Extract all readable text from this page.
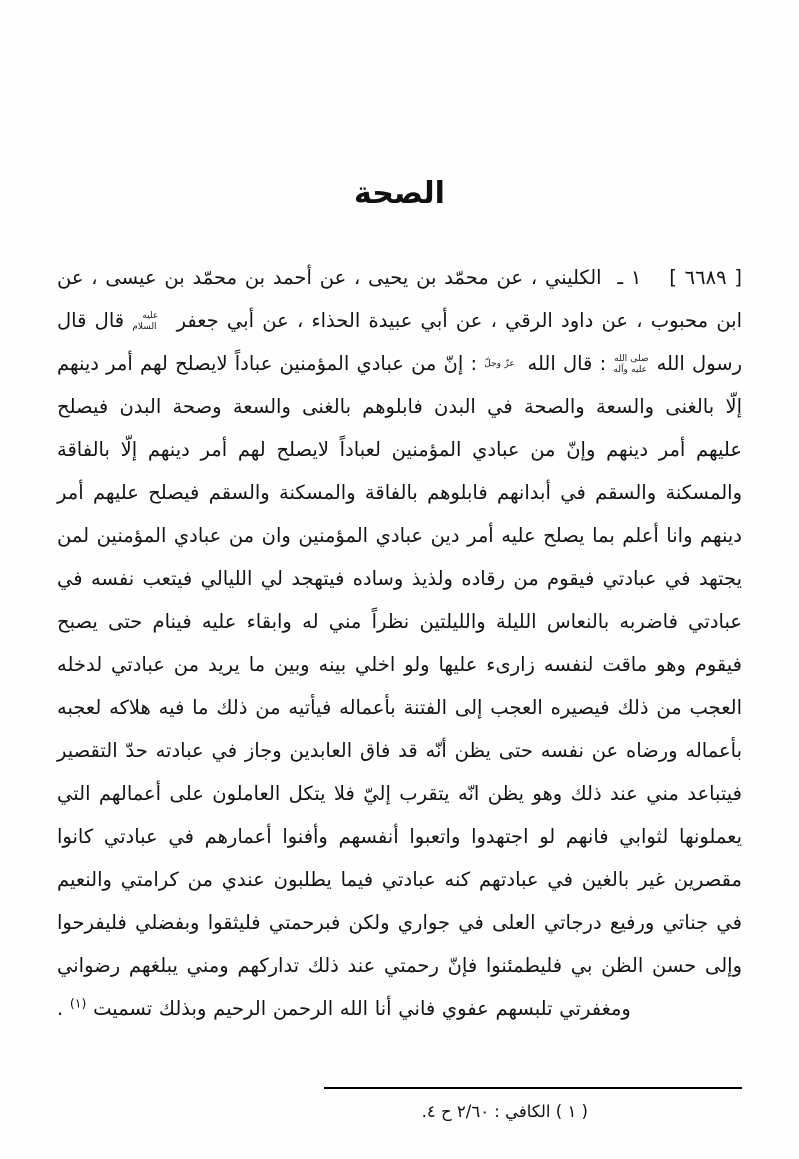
الصحة
[ ٦٦٨٩ ] ١ ـ الكليني ، عن محمّد بن يحيى ، عن أحمد بن محمّد بن عيسى ، عن ابن محبوب ، عن داود الرقي ، عن أبي عبيدة الحذاء ، عن أبي جعفر عليه السلام قال قال رسول الله صلى الله عليه وآله : قال الله عزّ وجلّ : إنّ من عبادي المؤمنين عباداً لايصلح لهم أمر دينهم إلّا بالغنى والسعة والصحة في البدن فابلوهم بالغنى والسعة وصحة البدن فيصلح عليهم أمر دينهم وإنّ من عبادي المؤمنين لعباداً لايصلح لهم أمر دينهم إلّا بالفاقة والمسكنة والسقم في أبدانهم فابلوهم بالفاقة والمسكنة والسقم فيصلح عليهم أمر دينهم وانا أعلم بما يصلح عليه أمر دين عبادي المؤمنين وان من عبادي المؤمنين لمن يجتهد في عبادتي فيقوم من رقاده ولذيذ وساده فيتهجد لي الليالي فيتعب نفسه في عبادتي فاضربه بالنعاس الليلة والليلتين نظراً مني له وابقاء عليه فينام حتى يصبح فيقوم وهو ماقت لنفسه زارىء عليها ولو اخلي بينه وبين ما يريد من عبادتي لدخله العجب من ذلك فيصيره العجب إلى الفتنة بأعماله فيأتيه من ذلك ما فيه هلاكه لعجبه بأعماله ورضاه عن نفسه حتى يظن أنّه قد فاق العابدين وجاز في عبادته حدّ التقصير فيتباعد مني عند ذلك وهو يظن انّه يتقرب إليّ فلا يتكل العاملون على أعمالهم التي يعملونها لثوابي فانهم لو اجتهدوا واتعبوا أنفسهم وأفنوا أعمارهم في عبادتي كانوا مقصرين غير بالغين في عبادتهم كنه عبادتي فيما يطلبون عندي من كرامتي والنعيم في جناتي ورفيع درجاتي العلى في جواري ولكن فبرحمتي فليثقوا وبفضلي فليفرحوا وإلى حسن الظن بي فليطمئنوا فإنّ رحمتي عند ذلك تداركهم ومني يبلغهم رضواني ومغفرتي تلبسهم عفوي فاني أنا الله الرحمن الرحيم وبذلك تسميت $^{(١)}$ .
( ١ ) الكافي : ٢/٦٠ ح ٤.
